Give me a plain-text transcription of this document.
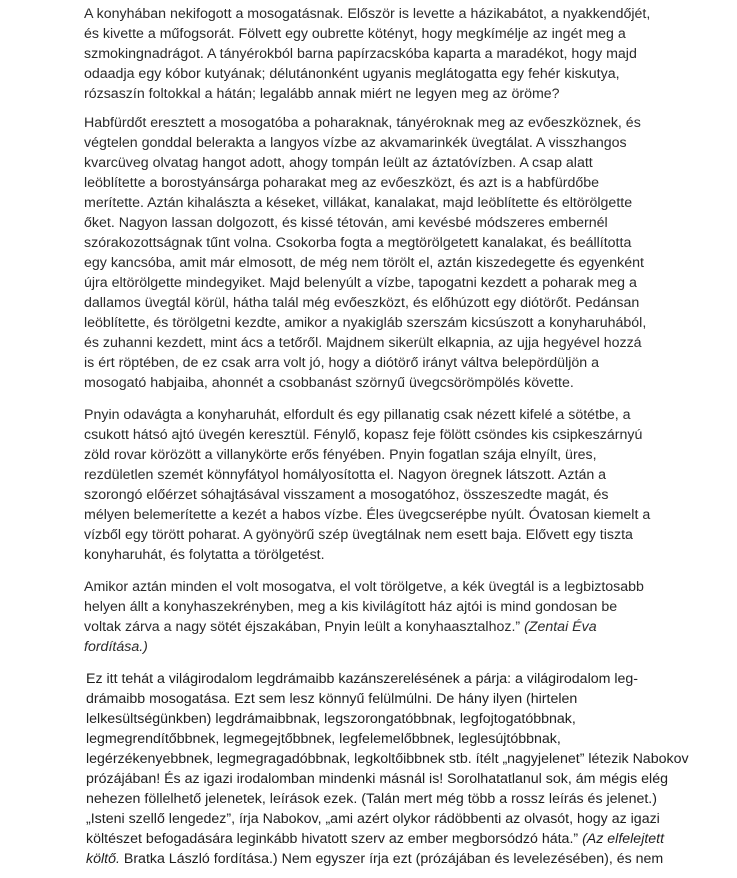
A konyhában nekifogott a mosogatásnak. Először is levette a házikabátot, a nyakkendőjét,
és kivette a műfogsorát. Fölvett egy oubrette kötényt, hogy megkímélje az ingét meg a
szmokingnadrágot. A tányérokból barna papírzacskóba kaparta a maradékot, hogy majd
odaadja egy kóbor kutyának; délutánonként ugyanis meglátogatta egy fehér kiskutya,
rózsaszín foltokkal a hátán; legalább annak miért ne legyen meg az öröme?
Habfürdőt eresztett a mosogatóba a poharaknak, tányéroknak meg az evőeszköznek, és
végtelen gonddal belerakta a langyos vízbe az akvamarinkék üvegtálat. A visszhangos
kvarcüveg olvatag hangot adott, ahogy tompán leült az áztatóvízben. A csap alatt
leöblítette a borostyánsárga poharakat meg az evőeszközt, és azt is a habfürdőbe
merítette. Aztán kihalászta a késeket, villákat, kanalakat, majd leöblítette és eltörölgette
őket. Nagyon lassan dolgozott, és kissé tétován, ami kevésbé módszeres embernél
szórakozottságnak tűnt volna. Csokorba fogta a megtörölgetett kanalakat, és beállította
egy kancsóba, amit már elmosott, de még nem törölt el, aztán kiszedegette és egyenként
újra eltörölgette mindegyiket. Majd belenyúlt a vízbe, tapogatni kezdett a poharak meg a
dallamos üvegtál körül, hátha talál még evőeszközt, és előhúzott egy diótörőt. Pedánsan
leöblítette, és törölgetni kezdte, amikor a nyakigláb szerszám kicsúszott a konyharuhából,
és zuhanni kezdett, mint ács a tetőről. Majdnem sikerült elkapnia, az ujja hegyével hozzá
is ért röptében, de ez csak arra volt jó, hogy a diótörő irányt váltva belepördüljön a
mosogató habjaiba, ahonnét a csobbanást szörnyű üvegcsörömpölés követte.
Pnyin odavágta a konyharuhát, elfordult és egy pillanatig csak nézett kifelé a sötétbe, a
csukott hátsó ajtó üvegén keresztül. Fénylő, kopasz feje fölött csöndes kis csipkeszárnyú
zöld rovar körözött a villanykörte erős fényében. Pnyin fogatlan szája elnyílt, üres,
rezdületlen szemét könnyfátyol homályosította el. Nagyon öregnek látszott. Aztán a
szorongó előérzet sóhajtásával visszament a mosogatóhoz, összeszedte magát, és
mélyen belemerítette a kezét a habos vízbe. Éles üvegcserépbe nyúlt. Óvatosan kiemelt a
vízből egy törött poharat. A gyönyörű szép üvegtálnak nem esett baja. Elővett egy tiszta
konyharuhát, és folytatta a törölgetést.
Amikor aztán minden el volt mosogatva, el volt törölgetve, a kék üvegtál is a legbiztosabb
helyen állt a konyhaszekrényben, meg a kis kivilágított ház ajtói is mind gondosan be
voltak zárva a nagy sötét éjszakában, Pnyin leült a konyhaasztalhoz.” (Zentai Éva
fordítása.)
Ez itt tehát a világirodalom legdrámaibb kazánszerelésének a párja: a világirodalom leg-
drámaibb mosogatása. Ezt sem lesz könnyű felülmúlni. De hány ilyen (hirtelen
lelkesültségünkben) legdrámaibbnak, legszorongatóbbnak, legfojtogatóbbnak,
legmegrendítőbbnek, legmegejtőbbnek, legfelemelőbbnek, leglesújtóbbnak,
legérzékenyebbnek, legmegragadóbbnak, legkoltőibbnek stb. ítélt „nagyjelenet” létezik Nabokov
prózájában! És az igazi irodalomban mindenki másnál is! Sorolhatatlanul sok, ám mégis elég
nehezen föllelhető jelenetek, leírások ezek. (Talán mert még több a rossz leírás és jelenet.)
„Isteni szellő lengedez”, írja Nabokov, „ami azért olykor rádöbbenti az olvasót, hogy az igazi
költészet befogadására leginkább hivatott szerv az ember megborsódzó háta.” (Az elfelejtett
költő. Bratka László fordítása.) Nem egyszer írja ezt (prózájában és levelezésében), és nem
